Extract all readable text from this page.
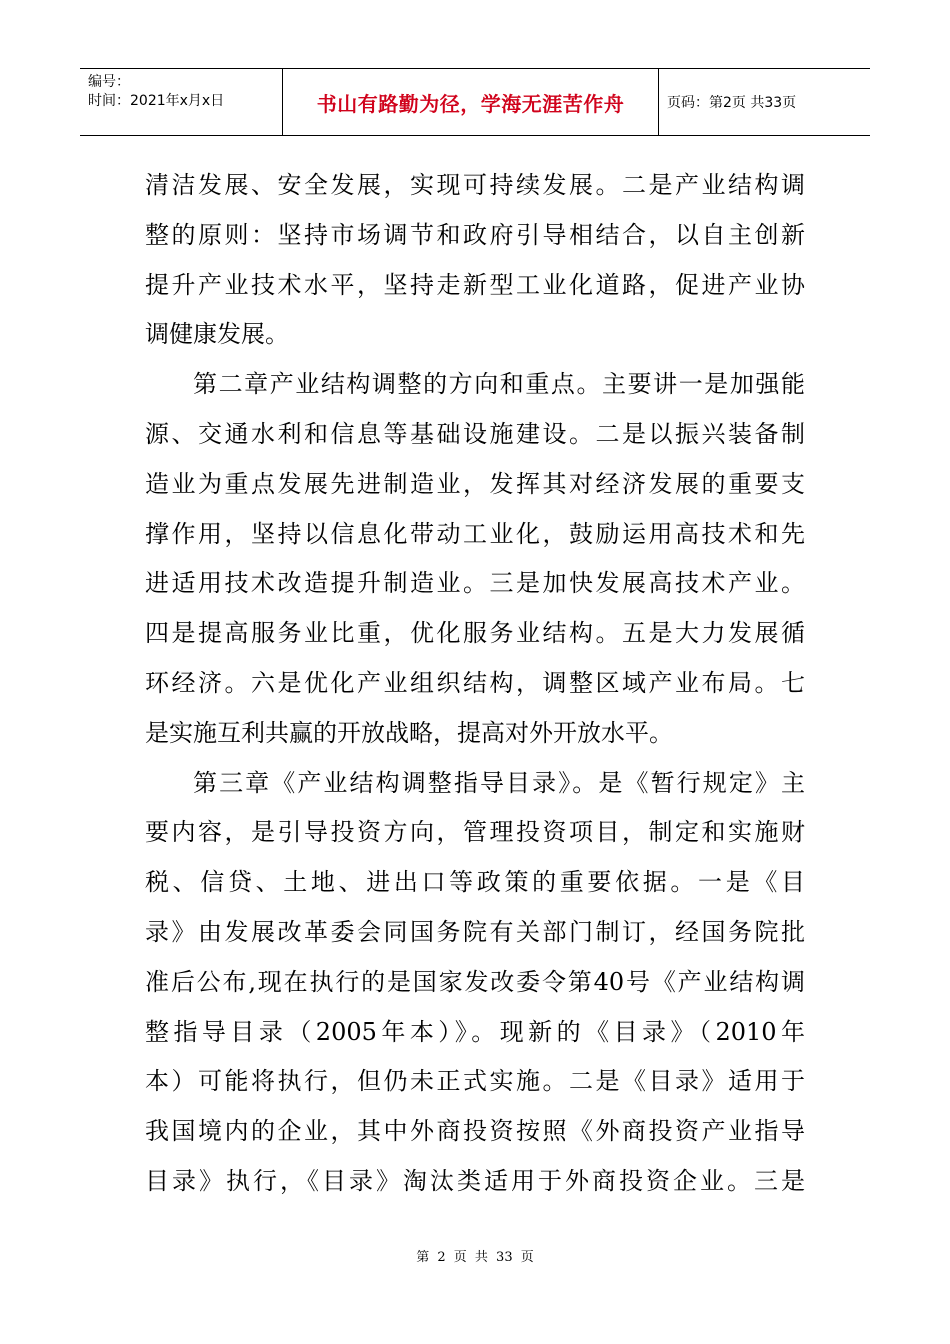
编号：
时间：2021年x月x日	书山有路勤为径，学海无涯苦作舟	页码：第2页 共33页
清洁发展、安全发展，实现可持续发展。二是产业结构调
整的原则：坚持市场调节和政府引导相结合，以自主创新
提升产业技术水平，坚持走新型工业化道路，促进产业协
调健康发展。
第二章产业结构调整的方向和重点。主要讲一是加强能
源、交通水利和信息等基础设施建设。二是以振兴装备制
造业为重点发展先进制造业，发挥其对经济发展的重要支
撑作用，坚持以信息化带动工业化，鼓励运用高技术和先
进适用技术改造提升制造业。三是加快发展高技术产业。
四是提高服务业比重，优化服务业结构。五是大力发展循
环经济。六是优化产业组织结构，调整区域产业布局。七
是实施互利共赢的开放战略，提高对外开放水平。
第三章《产业结构调整指导目录》。是《暂行规定》主
要内容，是引导投资方向，管理投资项目，制定和实施财
税、信贷、土地、进出口等政策的重要依据。一是《目
录》由发展改革委会同国务院有关部门制订，经国务院批
准后公布,现在执行的是国家发改委令第40号《产业结构调
整指导目录（2005年本）》。现新的《目录》（2010年
本）可能将执行，但仍未正式实施。二是《目录》适用于
我国境内的企业，其中外商投资按照《外商投资产业指导
目录》执行，《目录》淘汰类适用于外商投资企业。三是
第 2 页 共 33 页
